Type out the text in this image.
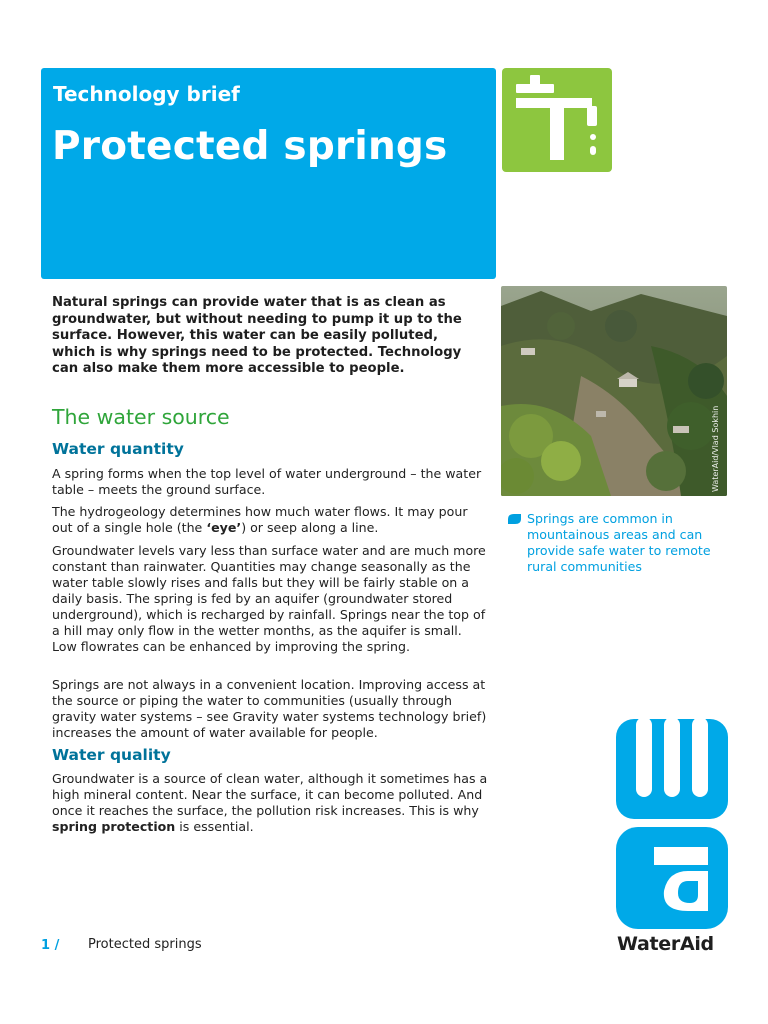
Technology brief
Protected springs
Natural springs can provide water that is as clean as groundwater, but without needing to pump it up to the surface. However, this water can be easily polluted, which is why springs need to be protected. Technology can also make them more accessible to people.
The water source
Water quantity
A spring forms when the top level of water underground – the water table – meets the ground surface.
The hydrogeology determines how much water flows. It may pour out of a single hole (the ‘eye’) or seep along a line.
Groundwater levels vary less than surface water and are much more constant than rainwater. Quantities may change seasonally as the water table slowly rises and falls but they will be fairly stable on a daily basis. The spring is fed by an aquifer (groundwater stored underground), which is recharged by rainfall. Springs near the top of a hill may only flow in the wetter months, as the aquifer is small. Low flowrates can be enhanced by improving the spring.
Springs are not always in a convenient location. Improving access at the source or piping the water to communities (usually through gravity water systems – see Gravity water systems technology brief) increases the amount of water available for people.
Water quality
Groundwater is a source of clean water, although it sometimes has a high mineral content. Near the surface, it can become polluted. And once it reaches the surface, the pollution risk increases. This is why spring protection is essential.
WaterAid/Vlad Sokhin
Springs are common in mountainous areas and can provide safe water to remote rural communities
WaterAid
1 / Protected springs
